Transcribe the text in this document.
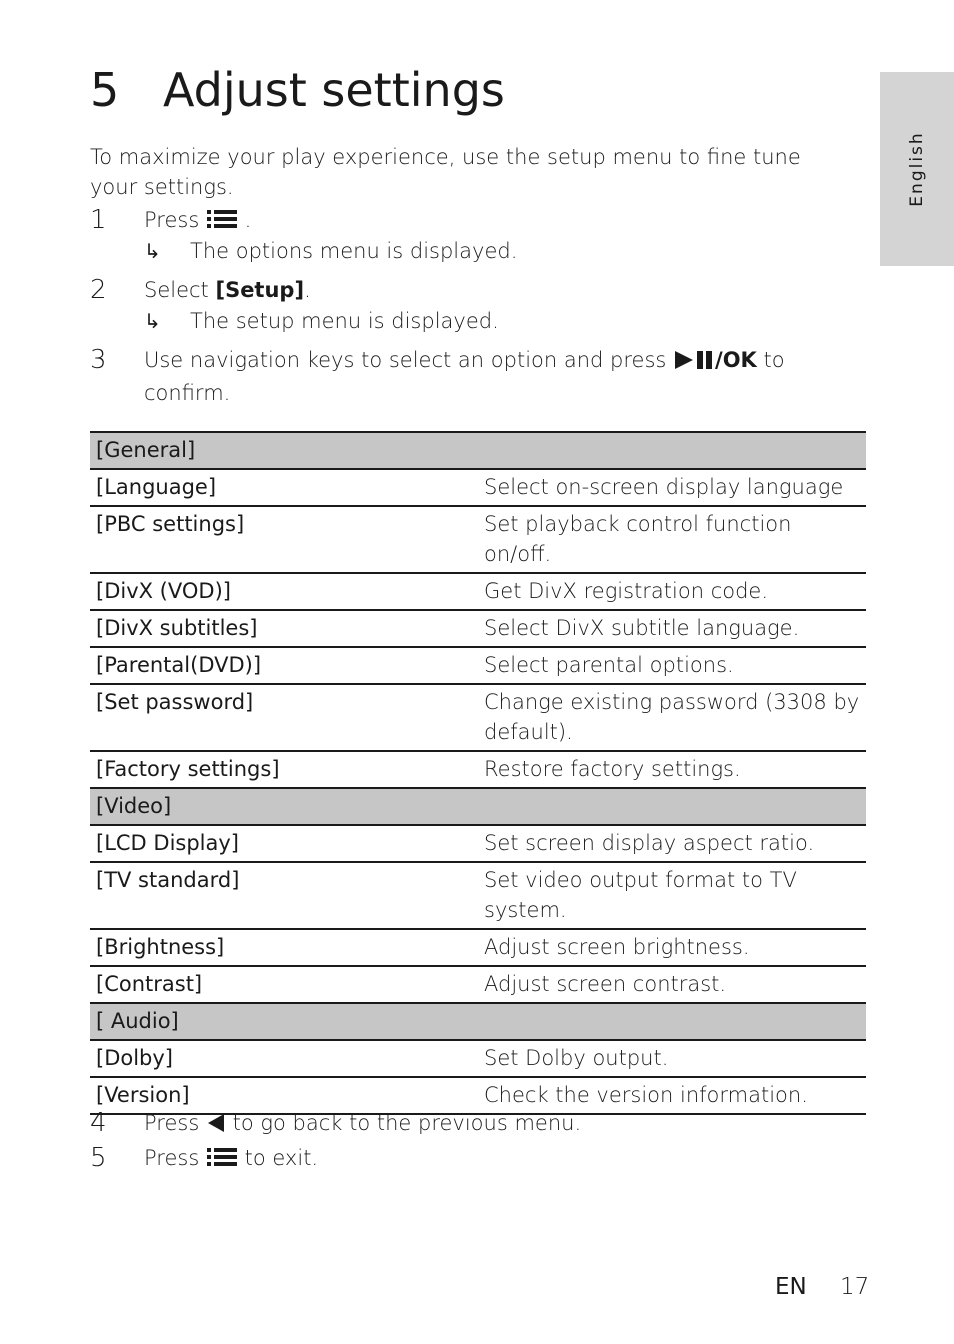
English
5 Adjust settings

To maximize your play experience, use the setup menu to fine tune your settings.

1 Press  .
↳ The options menu is displayed.
2 Select [Setup].
↳ The setup menu is displayed.
3 Use navigation keys to select an option and press /OK to confirm.
[General]	
[Language]	Select on-screen display language
[PBC settings]	Set playback control function on/off.
[DivX (VOD)]	Get DivX registration code.
[DivX subtitles]	Select DivX subtitle language.
[Parental(DVD)]	Select parental options.
[Set password]	Change existing password (3308 by default).
[Factory settings]	Restore factory settings.
[Video]	
[LCD Display]	Set screen display aspect ratio.
[TV standard]	Set video output format to TV system.
[Brightness]	Adjust screen brightness.
[Contrast]	Adjust screen contrast.
[ Audio]	
[Dolby]	Set Dolby output.
[Version]	Check the version information.
4 Press  to go back to the previous menu.
5 Press  to exit.
EN 17
